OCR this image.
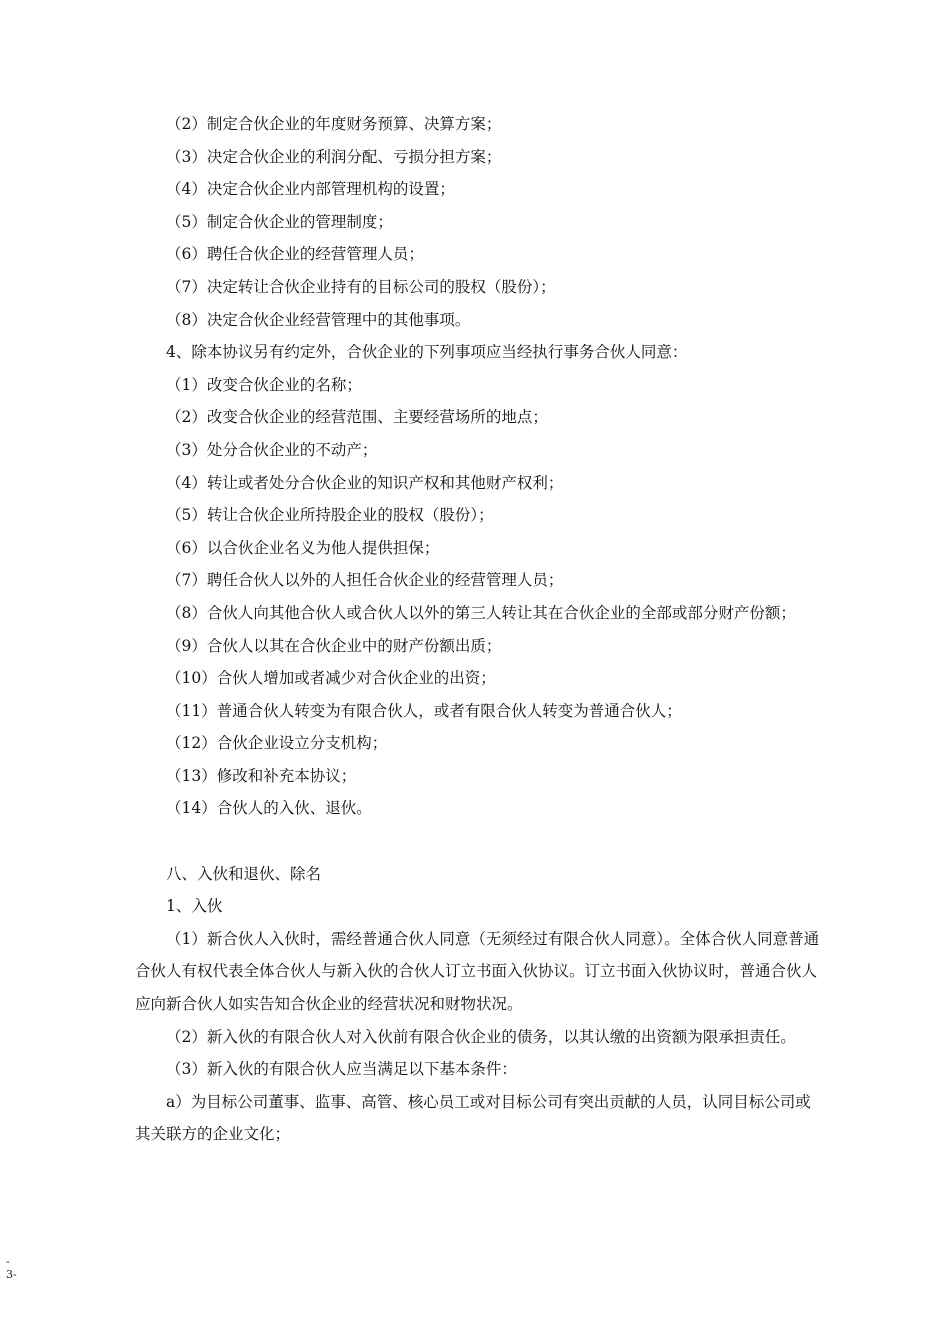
（2）制定合伙企业的年度财务预算、决算方案；

（3）决定合伙企业的利润分配、亏损分担方案；

（4）决定合伙企业内部管理机构的设置；

（5）制定合伙企业的管理制度；

（6）聘任合伙企业的经营管理人员；

（7）决定转让合伙企业持有的目标公司的股权（股份）；

（8）决定合伙企业经营管理中的其他事项。

4、除本协议另有约定外，合伙企业的下列事项应当经执行事务合伙人同意：

（1）改变合伙企业的名称；

（2）改变合伙企业的经营范围、主要经营场所的地点；

（3）处分合伙企业的不动产；

（4）转让或者处分合伙企业的知识产权和其他财产权利；

（5）转让合伙企业所持股企业的股权（股份）；

（6）以合伙企业名义为他人提供担保；

（7）聘任合伙人以外的人担任合伙企业的经营管理人员；

（8）合伙人向其他合伙人或合伙人以外的第三人转让其在合伙企业的全部或部分财产份额；

（9）合伙人以其在合伙企业中的财产份额出质；

（10）合伙人增加或者减少对合伙企业的出资；

（11）普通合伙人转变为有限合伙人，或者有限合伙人转变为普通合伙人；

（12）合伙企业设立分支机构；

（13）修改和补充本协议；

（14）合伙人的入伙、退伙。

八、入伙和退伙、除名

1、入伙

（1）新合伙人入伙时，需经普通合伙人同意（无须经过有限合伙人同意）。全体合伙人同意普通合伙人有权代表全体合伙人与新入伙的合伙人订立书面入伙协议。订立书面入伙协议时，普通合伙人应向新合伙人如实告知合伙企业的经营状况和财物状况。

（2）新入伙的有限合伙人对入伙前有限合伙企业的债务，以其认缴的出资额为限承担责任。

（3）新入伙的有限合伙人应当满足以下基本条件：

a）为目标公司董事、监事、高管、核心员工或对目标公司有突出贡献的人员，认同目标公司或其关联方的企业文化；

-
3-
